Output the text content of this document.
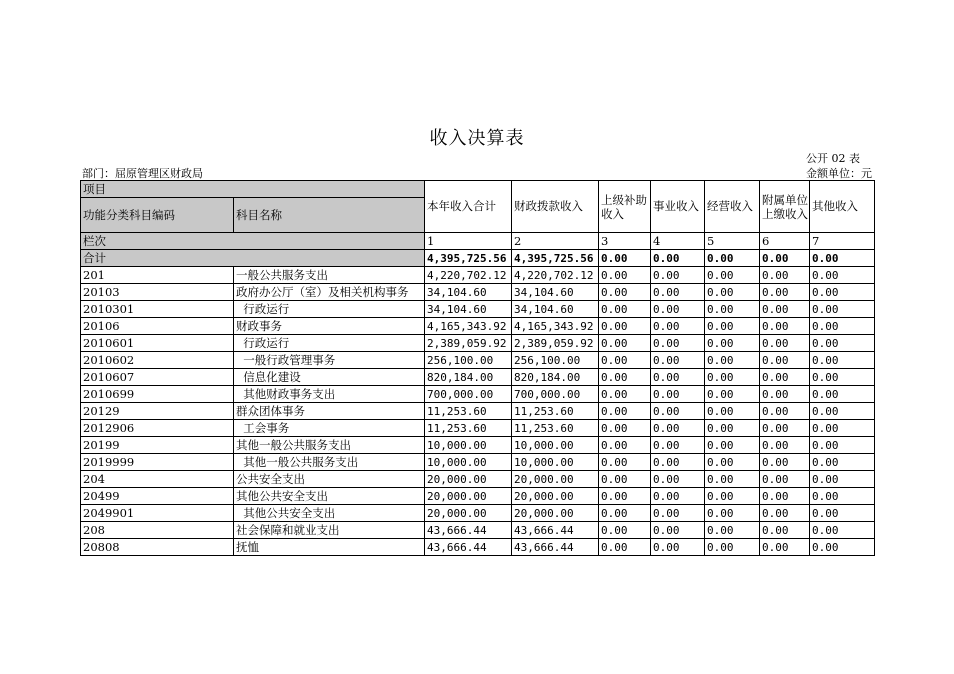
收入决算表
公开 02 表
部门：屈原管理区财政局	金额单位：元
项目		本年收入合计	财政拨款收入	上级补助收入	事业收入	经营收入	附属单位上缴收入	其他收入
功能分类科目编码	科目名称							
栏次		1	2	3	4	5	6	7
合计		4,395,725.56	4,395,725.56	0.00	0.00	0.00	0.00	0.00
201	一般公共服务支出	4,220,702.12	4,220,702.12	0.00	0.00	0.00	0.00	0.00
20103	政府办公厅（室）及相关机构事务	34,104.60	34,104.60	0.00	0.00	0.00	0.00	0.00
2010301	行政运行	34,104.60	34,104.60	0.00	0.00	0.00	0.00	0.00
20106	财政事务	4,165,343.92	4,165,343.92	0.00	0.00	0.00	0.00	0.00
2010601	行政运行	2,389,059.92	2,389,059.92	0.00	0.00	0.00	0.00	0.00
2010602	一般行政管理事务	256,100.00	256,100.00	0.00	0.00	0.00	0.00	0.00
2010607	信息化建设	820,184.00	820,184.00	0.00	0.00	0.00	0.00	0.00
2010699	其他财政事务支出	700,000.00	700,000.00	0.00	0.00	0.00	0.00	0.00
20129	群众团体事务	11,253.60	11,253.60	0.00	0.00	0.00	0.00	0.00
2012906	工会事务	11,253.60	11,253.60	0.00	0.00	0.00	0.00	0.00
20199	其他一般公共服务支出	10,000.00	10,000.00	0.00	0.00	0.00	0.00	0.00
2019999	其他一般公共服务支出	10,000.00	10,000.00	0.00	0.00	0.00	0.00	0.00
204	公共安全支出	20,000.00	20,000.00	0.00	0.00	0.00	0.00	0.00
20499	其他公共安全支出	20,000.00	20,000.00	0.00	0.00	0.00	0.00	0.00
2049901	其他公共安全支出	20,000.00	20,000.00	0.00	0.00	0.00	0.00	0.00
208	社会保障和就业支出	43,666.44	43,666.44	0.00	0.00	0.00	0.00	0.00
20808	抚恤	43,666.44	43,666.44	0.00	0.00	0.00	0.00	0.00
